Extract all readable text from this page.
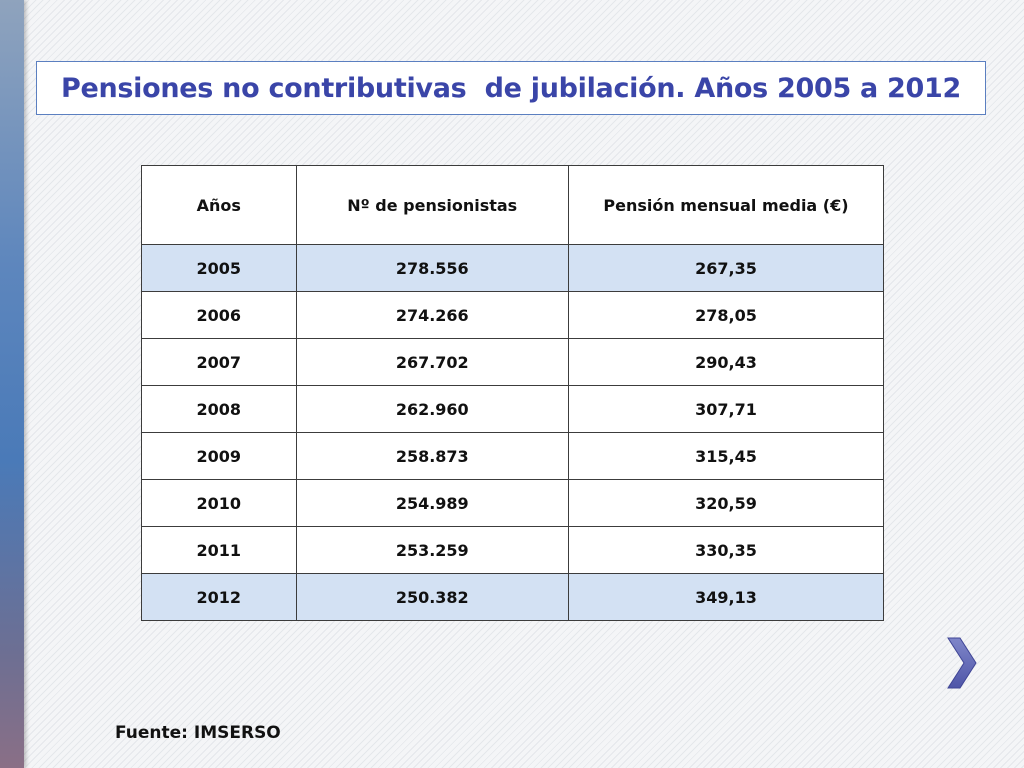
Pensiones no contributivas  de jubilación. Años 2005 a 2012
Años	Nº de pensionistas	Pensión mensual media (€)
2005	278.556	267,35
2006	274.266	278,05
2007	267.702	290,43
2008	262.960	307,71
2009	258.873	315,45
2010	254.989	320,59
2011	253.259	330,35
2012	250.382	349,13
Fuente: IMSERSO
